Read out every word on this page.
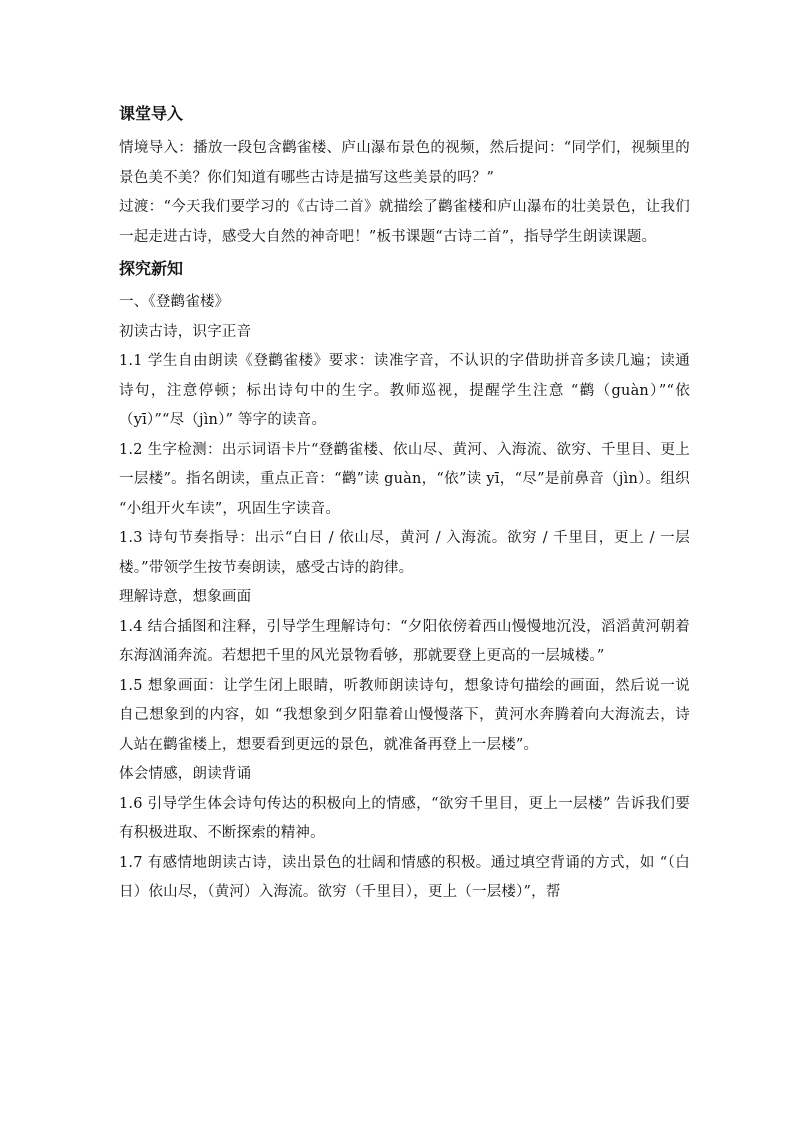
课堂导入

情境导入：播放一段包含鹳雀楼、庐山瀑布景色的视频，然后提问：“同学们，视频里的景色美不美？你们知道有哪些古诗是描写这些美景的吗？”

过渡：“今天我们要学习的《古诗二首》就描绘了鹳雀楼和庐山瀑布的壮美景色，让我们一起走进古诗，感受大自然的神奇吧！”板书课题“古诗二首”，指导学生朗读课题。

探究新知

一、《登鹳雀楼》

初读古诗，识字正音

1.1 学生自由朗读《登鹳雀楼》要求：读准字音，不认识的字借助拼音多读几遍；读通诗句，注意停顿；标出诗句中的生字。教师巡视，提醒学生注意 “鹳（guàn）”“依（yī）”“尽（jìn）” 等字的读音。

1.2 生字检测：出示词语卡片“登鹳雀楼、依山尽、黄河、入海流、欲穷、千里目、更上一层楼”。指名朗读，重点正音：“鹳”读 guàn，“依”读 yī，“尽”是前鼻音（jìn）。组织 “小组开火车读”，巩固生字读音。

1.3 诗句节奏指导：出示“白日 / 依山尽，黄河 / 入海流。欲穷 / 千里目，更上 / 一层楼。”带领学生按节奏朗读，感受古诗的韵律。

理解诗意，想象画面

1.4 结合插图和注释，引导学生理解诗句：“夕阳依傍着西山慢慢地沉没，滔滔黄河朝着东海汹涌奔流。若想把千里的风光景物看够，那就要登上更高的一层城楼。”

1.5 想象画面：让学生闭上眼睛，听教师朗读诗句，想象诗句描绘的画面，然后说一说自己想象到的内容，如 “我想象到夕阳靠着山慢慢落下，黄河水奔腾着向大海流去，诗人站在鹳雀楼上，想要看到更远的景色，就准备再登上一层楼”。

体会情感，朗读背诵

1.6 引导学生体会诗句传达的积极向上的情感，“欲穷千里目，更上一层楼” 告诉我们要有积极进取、不断探索的精神。

1.7 有感情地朗读古诗，读出景色的壮阔和情感的积极。通过填空背诵的方式，如 “（白日）依山尽，（黄河）入海流。欲穷（千里目），更上（一层楼）”，帮
